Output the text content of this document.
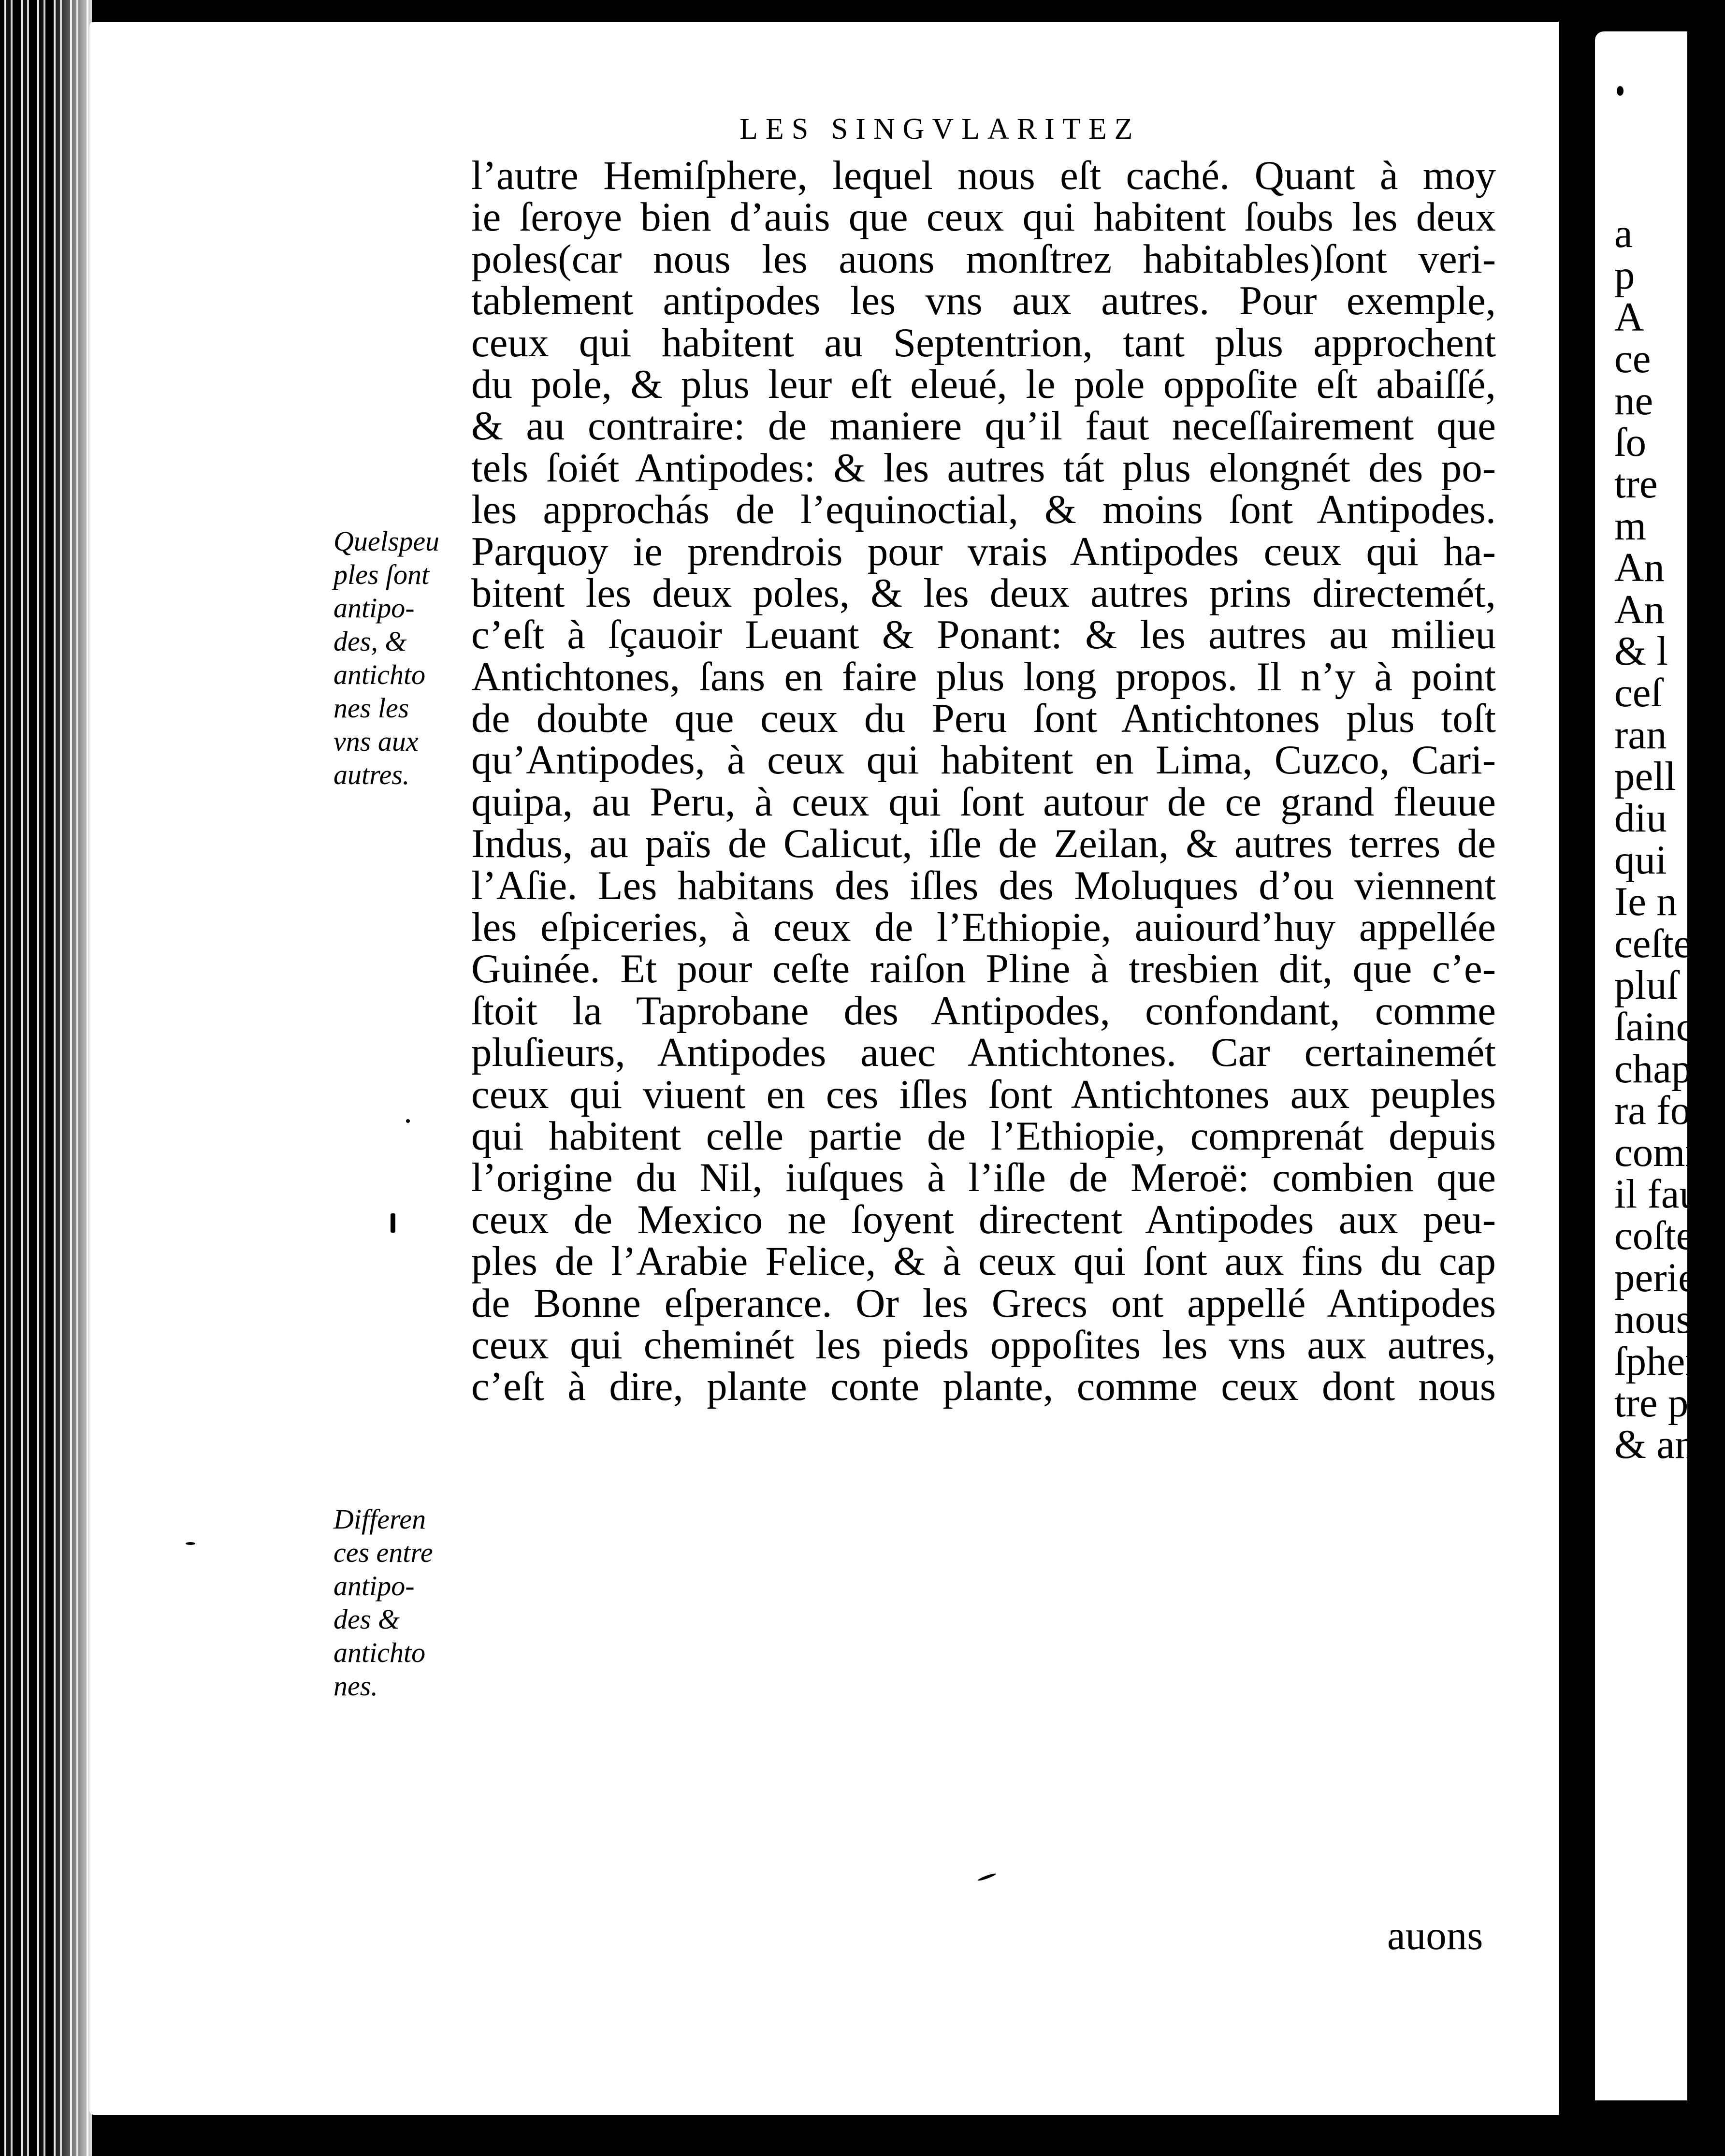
LES SINGVLARITEZ
l’autre Hemiſphere, lequel nous eſt caché. Quant à moy
ie ſeroye bien d’auis que ceux qui habitent ſoubs les deux
poles(car nous les auons monſtrez habitables)ſont veri-
tablement antipodes les vns aux autres. Pour exemple,
ceux qui habitent au Septentrion, tant plus approchent
du pole, & plus leur eſt eleué, le pole oppoſite eſt abaiſſé,
& au contraire: de maniere qu’il faut neceſſairement que
tels ſoiét Antipodes: & les autres tát plus elongnét des po-
les approchás de l’equinoctial, & moins ſont Antipodes.
Parquoy ie prendrois pour vrais Antipodes ceux qui ha-
bitent les deux poles, & les deux autres prins directemét,
c’eſt à ſçauoir Leuant & Ponant: & les autres au milieu
Antichtones, ſans en faire plus long propos. Il n’y à point
de doubte que ceux du Peru ſont Antichtones plus toſt
qu’Antipodes, à ceux qui habitent en Lima, Cuzco, Cari-
quipa, au Peru, à ceux qui ſont autour de ce grand fleuue
Indus, au païs de Calicut, iſle de Zeilan, & autres terres de
l’Aſie. Les habitans des iſles des Moluques d’ou viennent
les eſpiceries, à ceux de l’Ethiopie, auiourd’huy appellée
Guinée. Et pour ceſte raiſon Pline à tresbien dit, que c’e-
ſtoit la Taprobane des Antipodes, confondant, comme
pluſieurs, Antipodes auec Antichtones. Car certainemét
ceux qui viuent en ces iſles ſont Antichtones aux peuples
qui habitent celle partie de l’Ethiopie, comprenát depuis
l’origine du Nil, iuſques à l’iſle de Meroë: combien que
ceux de Mexico ne ſoyent directent Antipodes aux peu-
ples de l’Arabie Felice, & à ceux qui ſont aux fins du cap
de Bonne eſperance. Or les Grecs ont appellé Antipodes
ceux qui cheminét les pieds oppoſites les vns aux autres,
c’eſt à dire, plante conte plante, comme ceux dont nous
auons
Quelspeu
ples ſont
antipo-
des, &
antichto
nes les
vns aux
autres.
Differen
ces entre
antipo-
des &
antichto
nes.
a
p
A
ce
ne
ſo
tre
m
An
An
& l
ceſ
ran
pell
diu
qui
Ie n
ceſte
pluſ
ſainc
chap
ra fo
comr
il fau
coſtes
perieu
nous p
ſphere
tre par
& anal
